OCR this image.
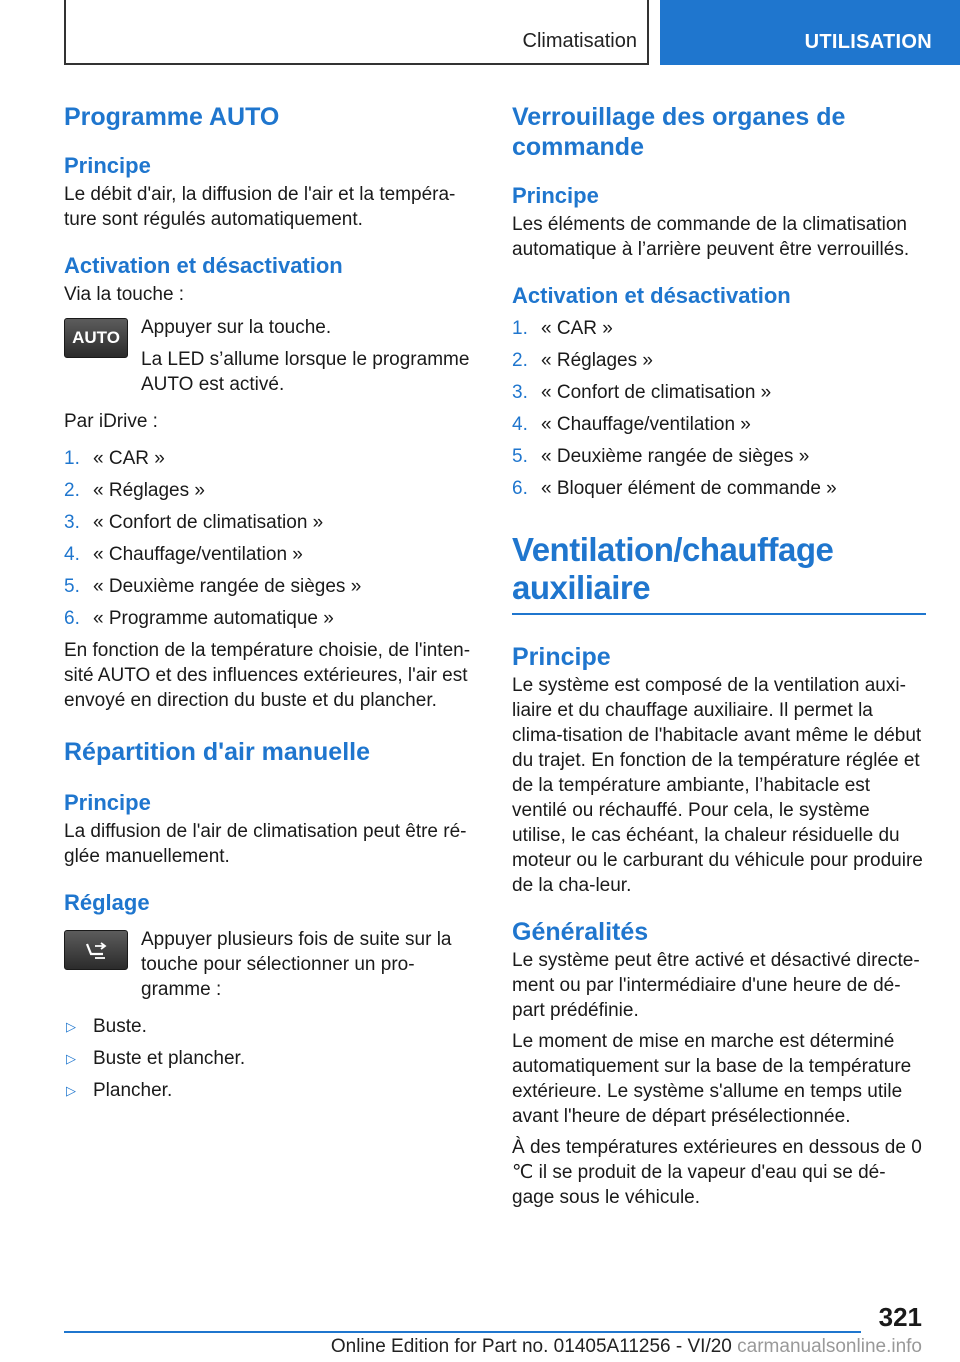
Climatisation	UTILISATION
Programme AUTO
Principe

Le débit d'air, la diffusion de l'air et la tempéra‐ture sont régulés automatiquement.

Activation et désactivation

Via la touche :

AUTO	Appuyer sur la touche.

La LED s’allume lorsque le programme AUTO est activé.

Par iDrive :

1. « CAR »
2. « Réglages »
3. « Confort de climatisation »
4. « Chauffage/ventilation »
5. « Deuxième rangée de sièges »
6. « Programme automatique »

En fonction de la température choisie, de l'inten‐sité AUTO et des influences extérieures, l'air est envoyé en direction du buste et du plancher.

Répartition d'air manuelle
Principe

La diffusion de l'air de climatisation peut être ré‐glée manuellement.

Réglage

Appuyer plusieurs fois de suite sur la touche pour sélectionner un pro‐gramme :

▷ Buste.
▷ Buste et plancher.
▷ Plancher.
Verrouillage des organes de commande
Principe

Les éléments de commande de la climatisation automatique à l’arrière peuvent être verrouillés.

Activation et désactivation
1. « CAR »
2. « Réglages »
3. « Confort de climatisation »
4. « Chauffage/ventilation »
5. « Deuxième rangée de sièges »
6. « Bloquer élément de commande »
Ventilation/chauffage auxiliaire
Principe

Le système est composé de la ventilation auxi‐liaire et du chauffage auxiliaire. Il permet la clima‐tisation de l'habitacle avant même le début du trajet. En fonction de la température réglée et de la température ambiante, l’habitacle est ventilé ou réchauffé. Pour cela, le système utilise, le cas échéant, la chaleur résiduelle du moteur ou le carburant du véhicule pour produire de la cha‐leur.

Généralités

Le système peut être activé et désactivé directe‐ment ou par l'intermédiaire d'une heure de dé‐part prédéfinie.

Le moment de mise en marche est déterminé automatiquement sur la base de la température extérieure. Le système s'allume en temps utile avant l'heure de départ présélectionnée.

À des températures extérieures en dessous de 0 ℃ il se produit de la vapeur d'eau qui se dé‐gage sous le véhicule.

321
Online Edition for Part no. 01405A11256 - VI/20 carmanualsonline.info
